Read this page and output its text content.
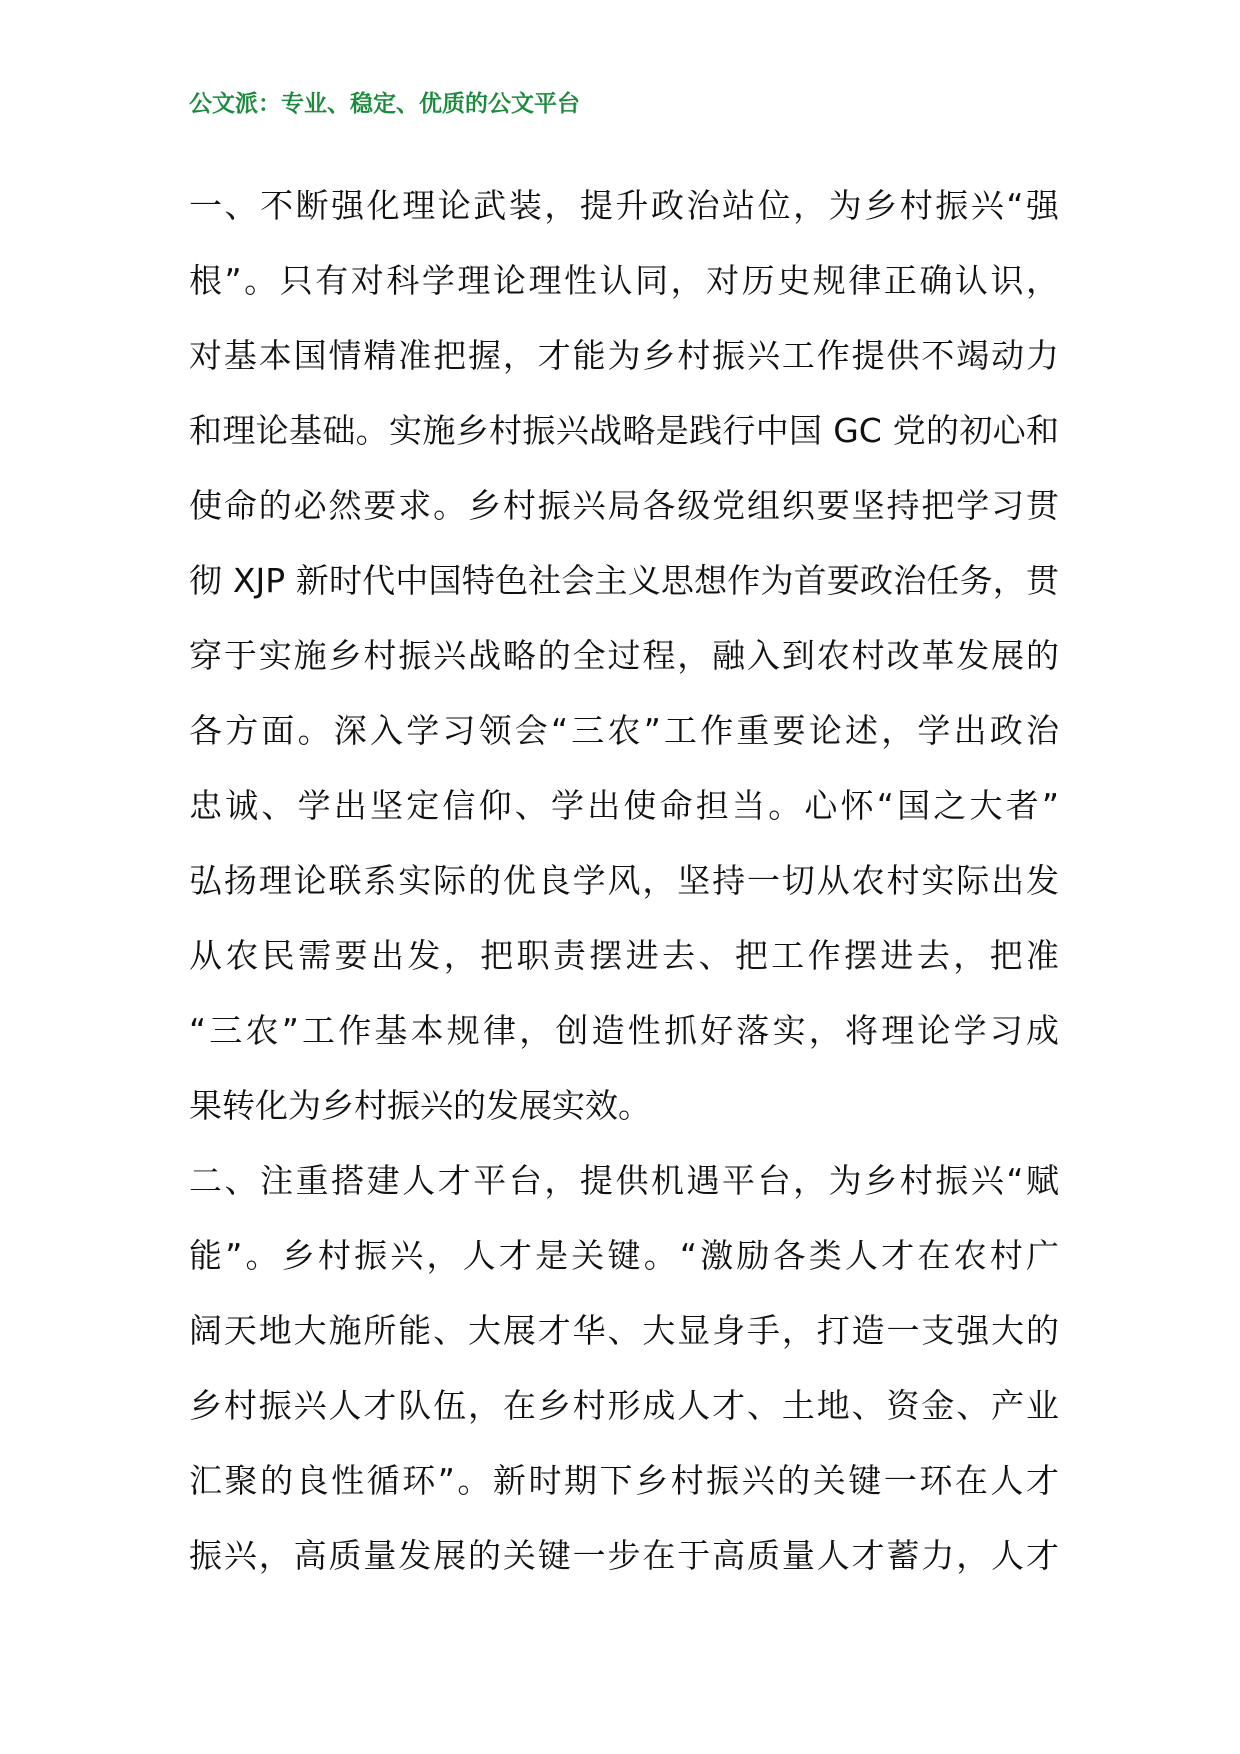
公文派：专业、稳定、优质的公文平台
一、不断强化理论武装，提升政治站位，为乡村振兴“强
根”。只有对科学理论理性认同，对历史规律正确认识，
对基本国情精准把握，才能为乡村振兴工作提供不竭动力
和理论基础。实施乡村振兴战略是践行中国 GC 党的初心和
使命的必然要求。乡村振兴局各级党组织要坚持把学习贯
彻 XJP 新时代中国特色社会主义思想作为首要政治任务，贯
穿于实施乡村振兴战略的全过程，融入到农村改革发展的
各方面。深入学习领会“三农”工作重要论述，学出政治
忠诚、学出坚定信仰、学出使命担当。心怀“国之大者”
弘扬理论联系实际的优良学风，坚持一切从农村实际出发
从农民需要出发，把职责摆进去、把工作摆进去，把准
“三农”工作基本规律，创造性抓好落实，将理论学习成
果转化为乡村振兴的发展实效。
二、注重搭建人才平台，提供机遇平台，为乡村振兴“赋
能”。乡村振兴，人才是关键。“激励各类人才在农村广
阔天地大施所能、大展才华、大显身手，打造一支强大的
乡村振兴人才队伍，在乡村形成人才、土地、资金、产业
汇聚的良性循环”。新时期下乡村振兴的关键一环在人才
振兴，高质量发展的关键一步在于高质量人才蓄力，人才
